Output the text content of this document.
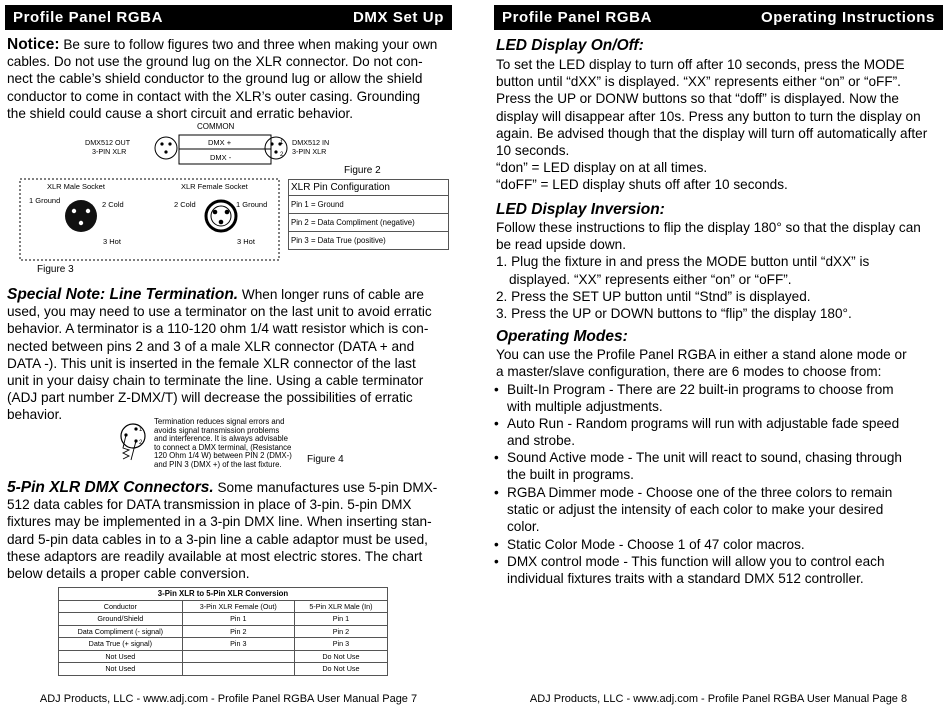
Profile Panel RGBA	DMX Set Up
Notice: Be sure to follow figures two and three when making your own
cables. Do not use the ground lug on the XLR connector. Do not con-
nect the cable’s shield conductor to the ground lug or allow the shield
conductor to come in contact with the XLR’s outer casing. Grounding
the shield could cause a short circuit and erratic behavior.
COMMON
DMX512 OUT
3-PIN XLR
DMX512 IN
3-PIN XLR
DMX +
DMX -
1
2
Figure 2
XLR Male Socket	XLR Female Socket
1 Ground	2 Cold
3 Hot
2 Cold	1 Ground
3 Hot
Figure 3
XLR Pin Configuration
Pin 1 = Ground
Pin 2 = Data Compliment (negative)
Pin 3 = Data True (positive)
Special Note: Line Termination. When longer runs of cable are
used, you may need to use a terminator on the last unit to avoid erratic
behavior. A terminator is a 110-120 ohm 1/4 watt resistor which is con-
nected between pins 2 and 3 of a male XLR connector (DATA + and
DATA -). This unit is inserted in the female XLR connector of the last
unit in your daisy chain to terminate the line. Using a cable terminator
(ADJ part number Z-DMX/T) will decrease the possibilities of erratic
behavior.
1
2
Termination reduces signal errors and
avoids signal transmission problems
and interference. It is always advisable
to connect a DMX terminal, (Resistance
120 Ohm 1/4 W) between PIN 2 (DMX-)
and PIN 3 (DMX +) of the last fixture.	Figure 4
5-Pin XLR DMX Connectors. Some manufactures use 5-pin DMX-
512 data cables for DATA transmission in place of 3-pin. 5-pin DMX
fixtures may be implemented in a 3-pin DMX line. When inserting stan-
dard 5-pin data cables in to a 3-pin line a cable adaptor must be used,
these adaptors are readily available at most electric stores. The chart
below details a proper cable conversion.
3-Pin XLR to 5-Pin XLR Conversion		
Conductor	3-Pin XLR Female (Out)	5-Pin XLR Male (In)
Ground/Shield	Pin 1	Pin 1
Data Compliment (- signal)	Pin 2	Pin 2
Data True (+ signal)	Pin 3	Pin 3
Not Used		Do Not Use
Not Used		Do Not Use
ADJ Products, LLC - www.adj.com - Profile Panel RGBA User Manual Page 7
Profile Panel RGBA	Operating Instructions

LED Display On/Off:

To set the LED display to turn off after 10 seconds, press the MODE
button until “dXX” is displayed. “XX” represents either “on” or “oFF”.
Press the UP or DONW buttons so that “doff” is displayed. Now the
display will disappear after 10s. Press any button to turn the display on
again. Be advised though that the display will turn off automatically after
10 seconds.
“don” = LED display on at all times.
“doFF” = LED display shuts off after 10 seconds.

LED Display Inversion:

Follow these instructions to flip the display 180° so that the display can
be read upside down.
1. Plug the fixture in and press the MODE button until “dXX” is
displayed. “XX” represents either “on” or “oFF”.
2. Press the SET UP button until “Stnd” is displayed.
3. Press the UP or DOWN buttons to “flip” the display 180°.

Operating Modes:

You can use the Profile Panel RGBA in either a stand alone mode or
a master/slave configuration, there are 6 modes to choose from:
• Built-In Program - There are 22 built-in programs to choose from
with multiple adjustments.
• Auto Run - Random programs will run with adjustable fade speed
and strobe.
• Sound Active mode - The unit will react to sound, chasing through
the built in programs.
• RGBA Dimmer mode - Choose one of the three colors to remain
static or adjust the intensity of each color to make your desired
color.
• Static Color Mode - Choose 1 of 47 color macros.
• DMX control mode - This function will allow you to control each
individual fixtures traits with a standard DMX 512 controller.
ADJ Products, LLC - www.adj.com - Profile Panel RGBA User Manual Page 8
